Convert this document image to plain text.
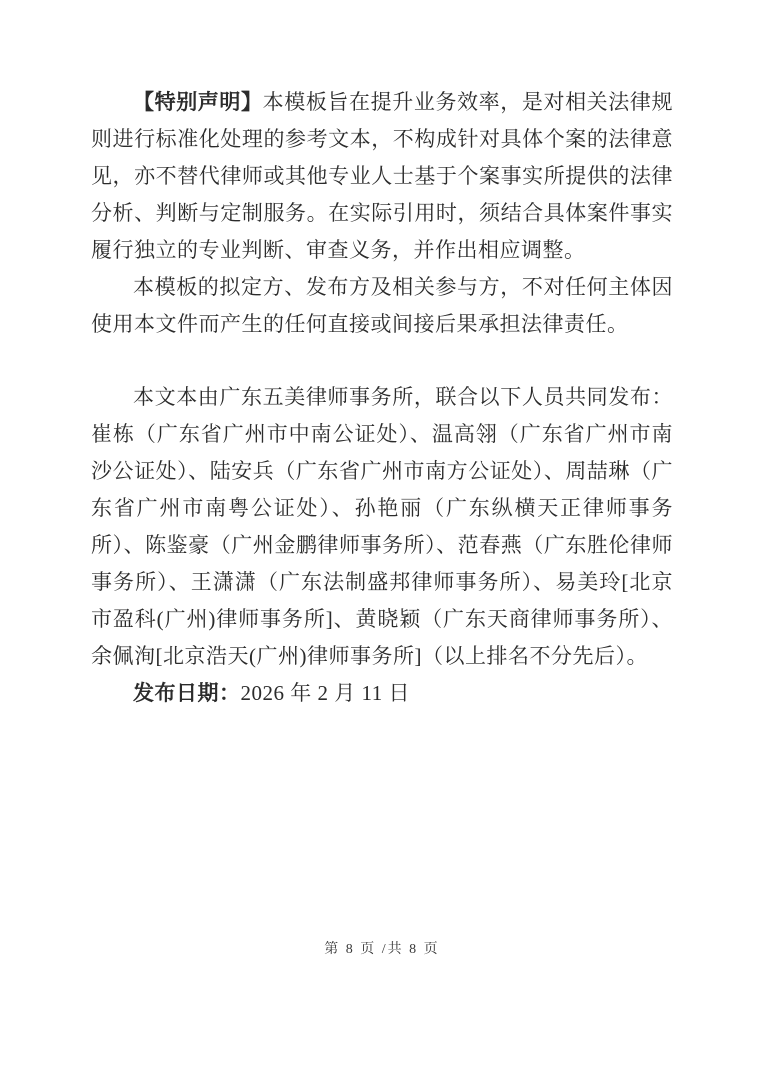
【特别声明】本模板旨在提升业务效率，是对相关法律规则进行标准化处理的参考文本，不构成针对具体个案的法律意见，亦不替代律师或其他专业人士基于个案事实所提供的法律分析、判断与定制服务。在实际引用时，须结合具体案件事实履行独立的专业判断、审查义务，并作出相应调整。

本模板的拟定方、发布方及相关参与方，不对任何主体因使用本文件而产生的任何直接或间接后果承担法律责任。

本文本由广东五美律师事务所，联合以下人员共同发布：崔栋（广东省广州市中南公证处）、温高翎（广东省广州市南沙公证处）、陆安兵（广东省广州市南方公证处）、周喆琳（广东省广州市南粤公证处）、孙艳丽（广东纵横天正律师事务所）、陈鉴豪（广州金鹏律师事务所）、范春燕（广东胜伦律师事务所）、王潇潇（广东法制盛邦律师事务所）、易美玲[北京市盈科(广州)律师事务所]、黄晓颖（广东天商律师事务所）、余佩洵[北京浩天(广州)律师事务所]（以上排名不分先后）。

发布日期：2026 年 2 月 11 日

第 8 页 /共 8 页
